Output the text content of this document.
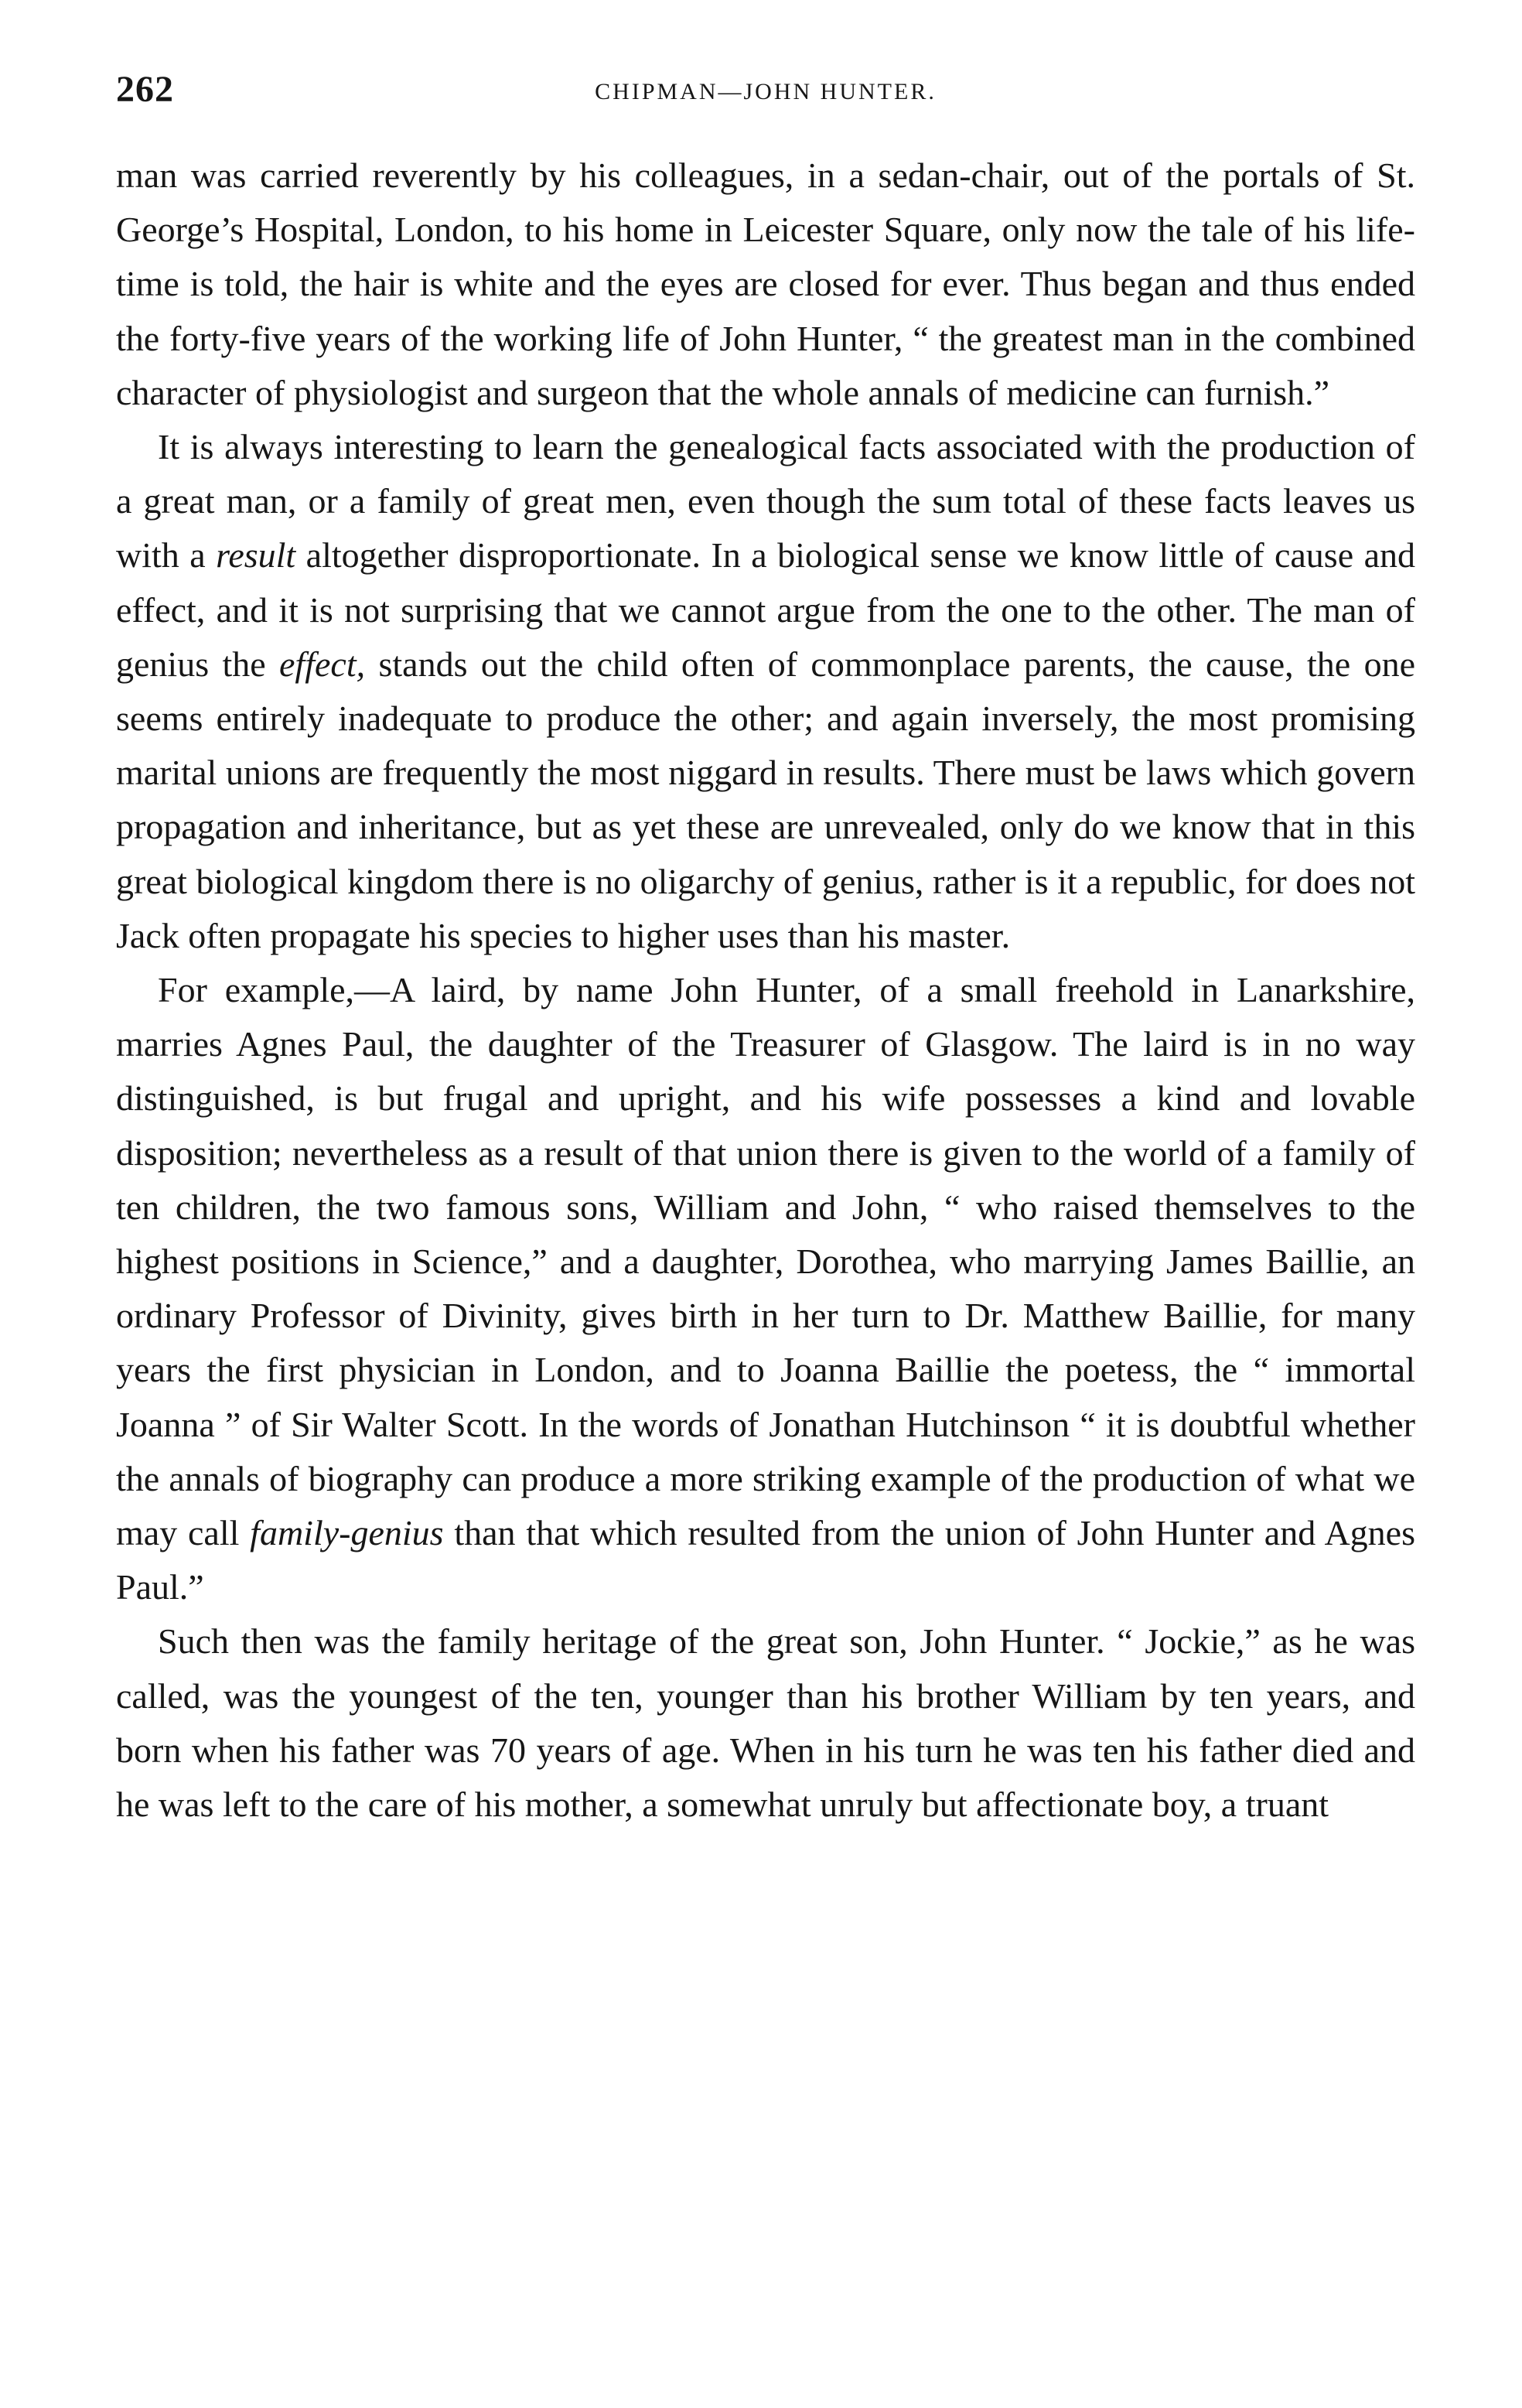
262	CHIPMAN—JOHN HUNTER.

man was carried reverently by his colleagues, in a sedan-chair, out of the portals of St. George’s Hospital, London, to his home in Leicester Square, only now the tale of his life-time is told, the hair is white and the eyes are closed for ever. Thus began and thus ended the forty-five years of the working life of John Hunter, “ the greatest man in the combined character of physiologist and surgeon that the whole annals of medicine can furnish.”

It is always interesting to learn the genealogical facts associated with the production of a great man, or a family of great men, even though the sum total of these facts leaves us with a result altogether disproportionate. In a biological sense we know little of cause and effect, and it is not surprising that we cannot argue from the one to the other. The man of genius the effect, stands out the child often of commonplace parents, the cause, the one seems entirely inadequate to produce the other; and again inversely, the most promising marital unions are frequently the most niggard in results. There must be laws which govern propagation and inheritance, but as yet these are unrevealed, only do we know that in this great biological kingdom there is no oligarchy of genius, rather is it a republic, for does not Jack often propagate his species to higher uses than his master.

For example,—A laird, by name John Hunter, of a small freehold in Lanarkshire, marries Agnes Paul, the daughter of the Treasurer of Glasgow. The laird is in no way distinguished, is but frugal and upright, and his wife possesses a kind and lovable disposition; nevertheless as a result of that union there is given to the world of a family of ten children, the two famous sons, William and John, “ who raised themselves to the highest positions in Science,” and a daughter, Dorothea, who marrying James Baillie, an ordinary Professor of Divinity, gives birth in her turn to Dr. Matthew Baillie, for many years the first physician in London, and to Joanna Baillie the poetess, the “ immortal Joanna ” of Sir Walter Scott. In the words of Jonathan Hutchinson “ it is doubtful whether the annals of biography can produce a more striking example of the production of what we may call family-genius than that which resulted from the union of John Hunter and Agnes Paul.”

Such then was the family heritage of the great son, John Hunter. “ Jockie,” as he was called, was the youngest of the ten, younger than his brother William by ten years, and born when his father was 70 years of age. When in his turn he was ten his father died and he was left to the care of his mother, a somewhat unruly but affectionate boy, a truant
